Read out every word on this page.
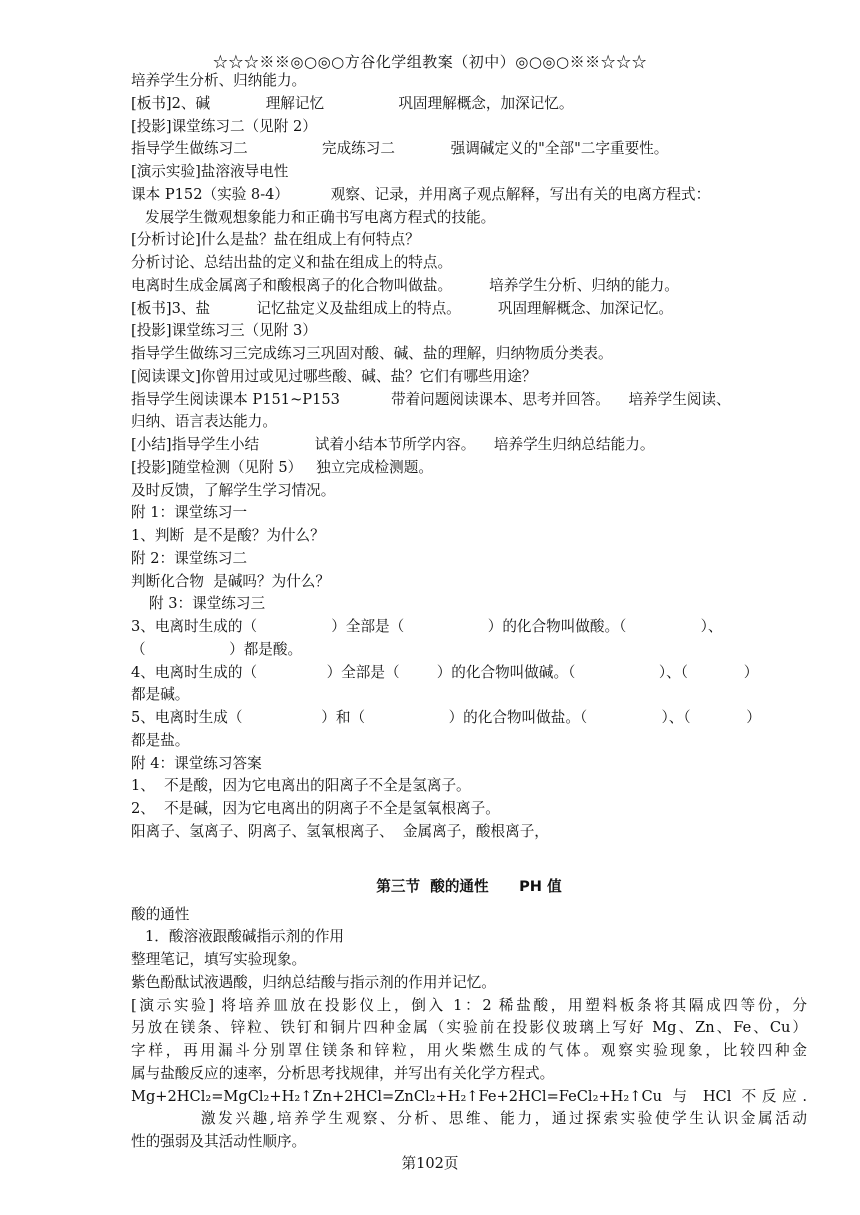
☆☆☆※※◎○◎○方谷化学组教案（初中）◎○◎○※※☆☆☆
培养学生分析、归纳能力。
[板书]2、碱            理解记忆                巩固理解概念，加深记忆。
[投影]课堂练习二（见附 2）
指导学生做练习二                完成练习二            强调碱定义的"全部"二字重要性。
[演示实验]盐溶液导电性
课本 P152（实验 8-4）         观察、记录，并用离子观点解释，写出有关的电离方程式：
发展学生微观想象能力和正确书写电离方程式的技能。
[分析讨论]什么是盐？盐在组成上有何特点？
分析讨论、总结出盐的定义和盐在组成上的特点。
电离时生成金属离子和酸根离子的化合物叫做盐。        培养学生分析、归纳的能力。
[板书]3、盐          记忆盐定义及盐组成上的特点。        巩固理解概念、加深记忆。
[投影]课堂练习三（见附 3）
指导学生做练习三完成练习三巩固对酸、碱、盐的理解，归纳物质分类表。
[阅读课文]你曾用过或见过哪些酸、碱、盐？它们有哪些用途？
指导学生阅读课本 P151~P153           带着问题阅读课本、思考并回答。    培养学生阅读、
归纳、语言表达能力。
[小结]指导学生小结            试着小结本节所学内容。    培养学生归纳总结能力。
[投影]随堂检测（见附 5）   独立完成检测题。
及时反馈，了解学生学习情况。
附 1：课堂练习一
1、判断  是不是酸？为什么？
附 2：课堂练习二
判断化合物  是碱吗？为什么？
附 3：课堂练习三
3、电离时生成的（                ）全部是（                  ）的化合物叫做酸。（                ）、
（                  ）都是酸。
4、电离时生成的（               ）全部是（        ）的化合物叫做碱。（                  ）、（            ）
都是碱。
5、电离时生成（                 ）和（                  ）的化合物叫做盐。（                ）、（            ）
都是盐。
附 4：课堂练习答案
1、  不是酸，因为它电离出的阳离子不全是氢离子。
2、  不是碱，因为它电离出的阴离子不全是氢氧根离子。
阳离子、氢离子、阴离子、氢氧根离子、  金属离子，酸根离子，
第三节  酸的通性      PH 值
酸的通性
1．酸溶液跟酸碱指示剂的作用
整理笔记，填写实验现象。
紫色酚酞试液遇酸，归纳总结酸与指示剂的作用并记忆。
[演示实验] 将培养皿放在投影仪上，倒入 1：2 稀盐酸，用塑料板条将其隔成四等份，分
另放在镁条、锌粒、铁钉和铜片四种金属（实验前在投影仪玻璃上写好 Mg、Zn、Fe、Cu）
字样，再用漏斗分别罩住镁条和锌粒，用火柴燃生成的气体。观察实验现象，比较四种金
属与盐酸反应的速率，分析思考找规律，并写出有关化学方程式。
Mg+2HCl₂=MgCl₂+H₂↑Zn+2HCl=ZnCl₂+H₂↑Fe+2HCl=FeCl₂+H₂↑Cu 与 HCl 不反应.
激发兴趣,培养学生观察、分析、思维、能力，通过探索实验使学生认识金属活动
性的强弱及其活动性顺序。
第102页
